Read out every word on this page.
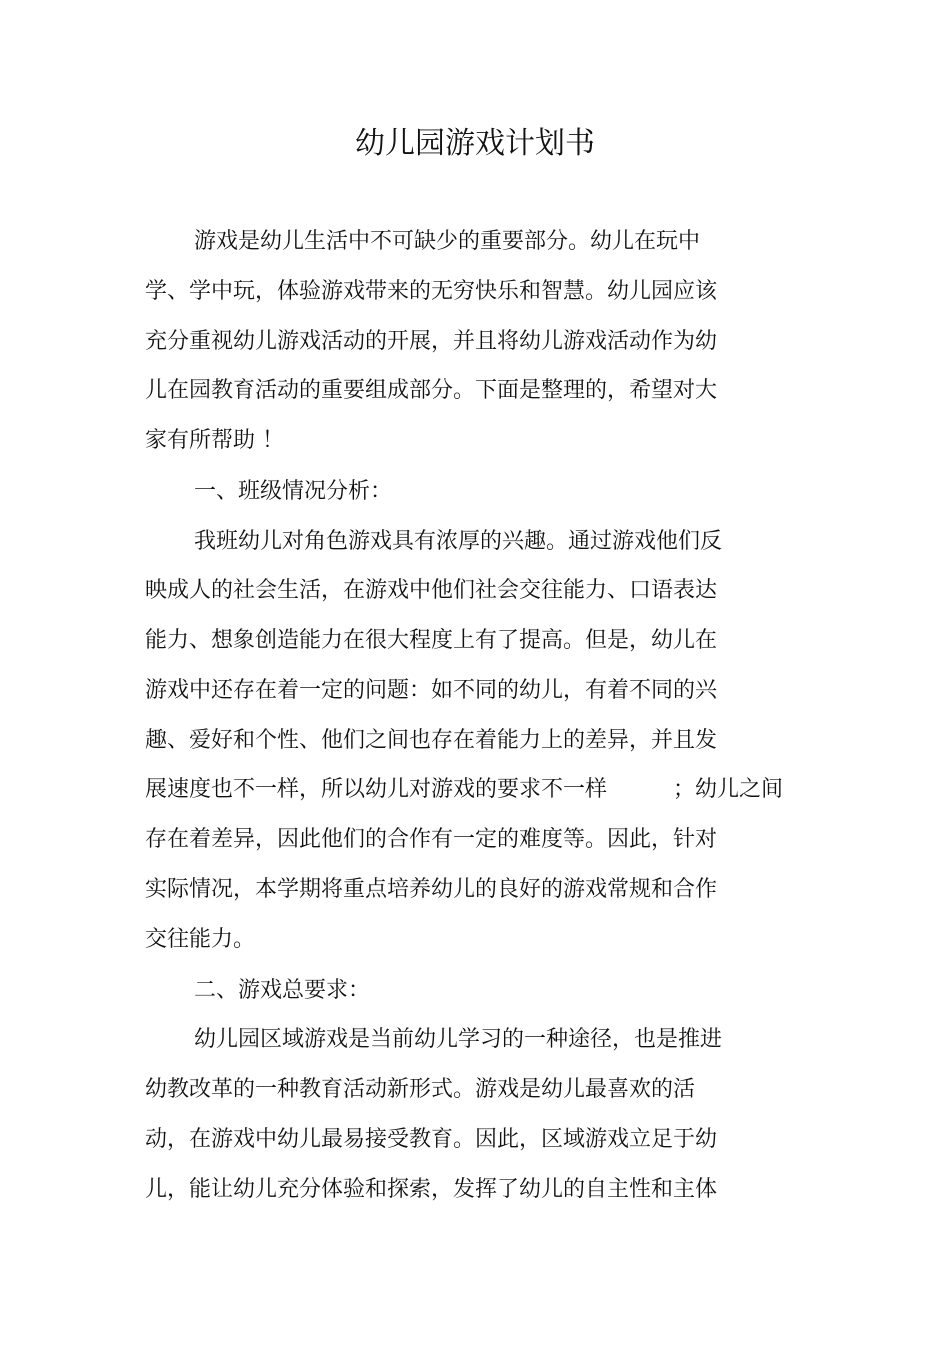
幼儿园游戏计划书
游戏是幼儿生活中不可缺少的重要部分。幼儿在玩中
学、学中玩，体验游戏带来的无穷快乐和智慧。幼儿园应该
充分重视幼儿游戏活动的开展，并且将幼儿游戏活动作为幼
儿在园教育活动的重要组成部分。下面是整理的，希望对大
家有所帮助 ！
一、班级情况分析：
我班幼儿对角色游戏具有浓厚的兴趣。通过游戏他们反
映成人的社会生活，在游戏中他们社会交往能力、口语表达
能力、想象创造能力在很大程度上有了提高。但是，幼儿在
游戏中还存在着一定的问题：如不同的幼儿，有着不同的兴
趣、爱好和个性、他们之间也存在着能力上的差异，并且发
展速度也不一样，所以幼儿对游戏的要求不一样　　　；幼儿之间
存在着差异，因此他们的合作有一定的难度等。因此，针对
实际情况，本学期将重点培养幼儿的良好的游戏常规和合作
交往能力。
二、游戏总要求：
幼儿园区域游戏是当前幼儿学习的一种途径，也是推进
幼教改革的一种教育活动新形式。游戏是幼儿最喜欢的活
动，在游戏中幼儿最易接受教育。因此，区域游戏立足于幼
儿，能让幼儿充分体验和探索，发挥了幼儿的自主性和主体
